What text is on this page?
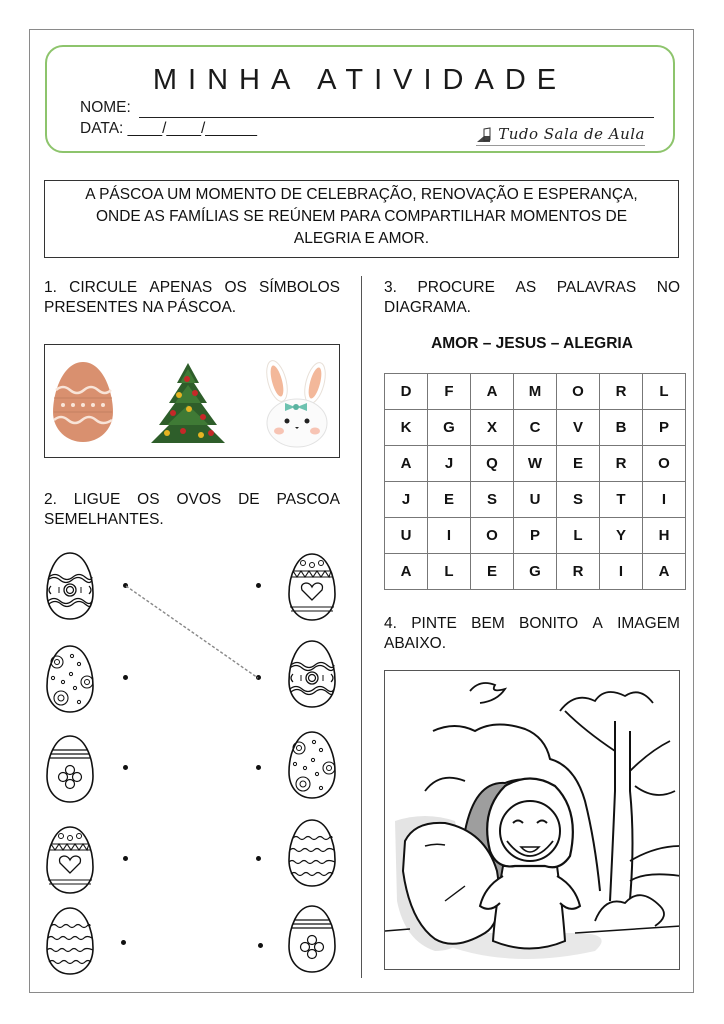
MINHA ATIVIDADE
NOME:
DATA: ____/____/______	Tudo Sala de Aula
A PÁSCOA UM MOMENTO DE CELEBRAÇÃO, RENOVAÇÃO E ESPERANÇA,
ONDE AS FAMÍLIAS SE REÚNEM PARA COMPARTILHAR MOMENTOS DE
ALEGRIA E AMOR.
1. CIRCULE APENAS OS SÍMBOLOS
PRESENTES NA PÁSCOA.
2. LIGUE OS OVOS DE PASCOA
SEMELHANTES.
3. PROCURE AS PALAVRAS NO
DIAGRAMA.
AMOR – JESUS – ALEGRIA
D	F	A	M	O	R	L
K	G	X	C	V	B	P
A	J	Q	W	E	R	O
J	E	S	U	S	T	I
U	I	O	P	L	Y	H
A	L	E	G	R	I	A
4. PINTE BEM BONITO A IMAGEM
ABAIXO.
